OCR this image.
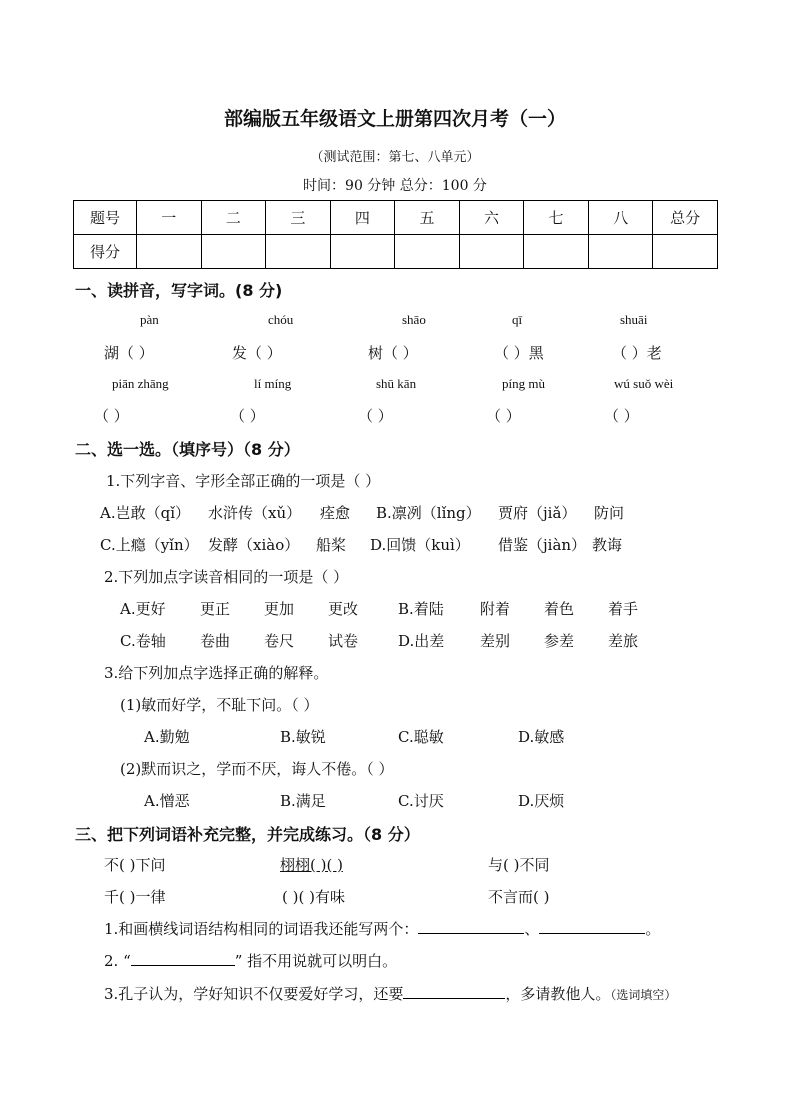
部编版五年级语文上册第四次月考（一）
（测试范围：第七、八单元）
时间：90 分钟 总分：100 分
题号	一	二	三	四	五	六	七	八	总分
得分									
一、读拼音，写字词。(8 分)
pàn	chóu	shāo	qī	shuāi
湖（ ）	发（ ）	树（ ）	（ ）黑	（ ）老
piān zhāng	lí míng	shū kān	píng mù	wú suǒ wèi
（ ）	（ ）	（ ）	（ ）	（ ）
二、选一选。（填序号）（8 分）
1.下列字音、字形全部正确的一项是（ ）
A.岂敢（qǐ） 水浒传（xǔ） 痊愈 B.凛冽（lǐng） 贾府（jiǎ） 防问
C.上瘾（yǐn） 发酵（xiào） 船桨 D.回馈（kuì） 借鉴（jiàn） 教诲
2.下列加点字读音相同的一项是（ ）
A.更好 更正 更加 更改	B.着陆 附着 着色 着手
C.卷轴 卷曲 卷尺 试卷	D.出差 差别 参差 差旅
3.给下列加点字选择正确的解释。
(1)敏而好学，不耻下问。（ ）
A.勤勉	B.敏锐	C.聪敏	D.敏感
(2)默而识之，学而不厌，诲人不倦。（ ）
A.憎恶	B.满足	C.讨厌	D.厌烦
三、把下列词语补充完整，并完成练习。（8 分）
不( )下问	栩栩( )( )	与( )不同
千( )一律	( )( )有味	不言而( )
1.和画横线词语结构相同的词语我还能写两个：	、	。
2. “	” 指不用说就可以明白。
3.孔子认为，学好知识不仅要爱好学习，还要	，多请教他人。（选词填空）
